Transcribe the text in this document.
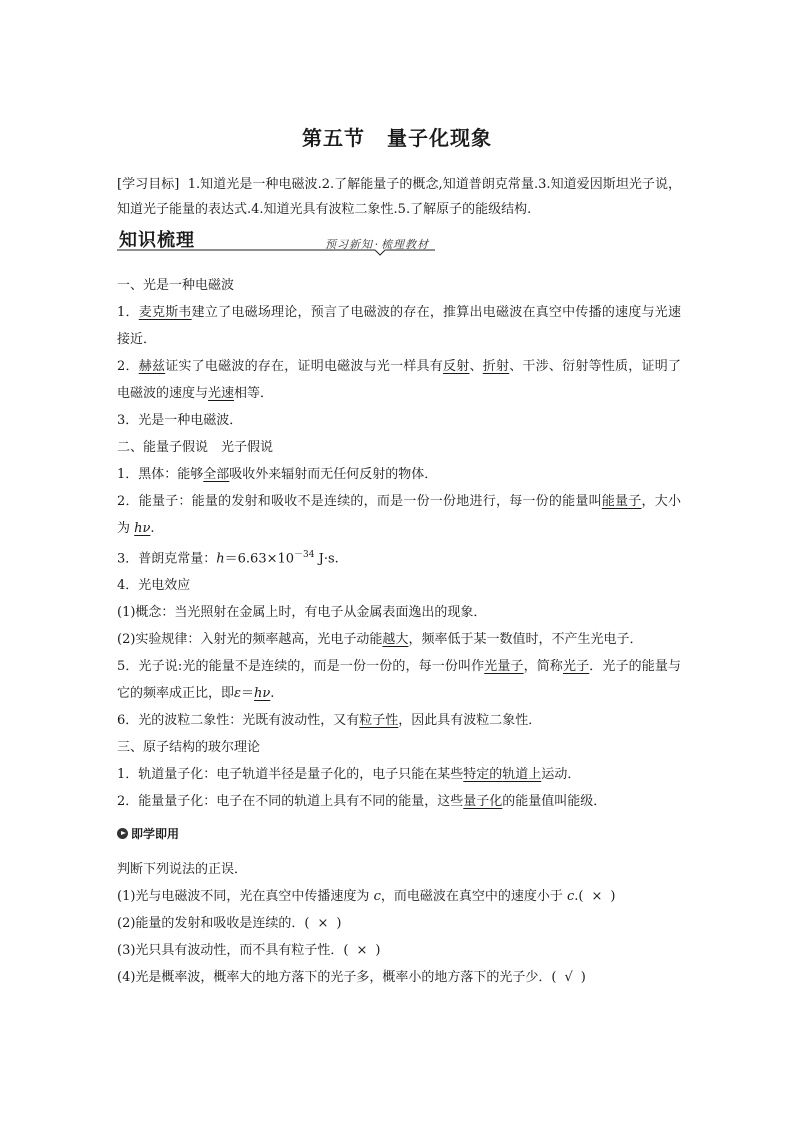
第五节 量子化现象
[学习目标] 1.知道光是一种电磁波.2.了解能量子的概念,知道普朗克常量.3.知道爱因斯坦光子说，知道光子能量的表达式.4.知道光具有波粒二象性.5.了解原子的能级结构.
知识梳理	预习新知 · 梳理教材
一、光是一种电磁波
1．麦克斯韦建立了电磁场理论，预言了电磁波的存在，推算出电磁波在真空中传播的速度与光速接近．
2．赫兹证实了电磁波的存在，证明电磁波与光一样具有反射、折射、干涉、衍射等性质，证明了电磁波的速度与光速相等．
3．光是一种电磁波．
二、能量子假说　光子假说
1．黑体：能够全部吸收外来辐射而无任何反射的物体．
2．能量子：能量的发射和吸收不是连续的，而是一份一份地进行，每一份的能量叫能量子，大小为 hν.
3．普朗克常量：$h=6.63\times 10^{-34}$ J·s.
4．光电效应
(1)概念：当光照射在金属上时，有电子从金属表面逸出的现象．
(2)实验规律：入射光的频率越高，光电子动能越大，频率低于某一数值时，不产生光电子．
5．光子说:光的能量不是连续的，而是一份一份的，每一份叫作光量子，简称光子．光子的能量与它的频率成正比，即ε＝hν.
6．光的波粒二象性：光既有波动性，又有粒子性，因此具有波粒二象性．
三、原子结构的玻尔理论
1．轨道量子化：电子轨道半径是量子化的，电子只能在某些特定的轨道上运动．
2．能量量子化：电子在不同的轨道上具有不同的能量，这些量子化的能量值叫能级．
即学即用
判断下列说法的正误．
(1)光与电磁波不同，光在真空中传播速度为 c，而电磁波在真空中的速度小于 c.( × )
(2)能量的发射和吸收是连续的．( × )
(3)光只具有波动性，而不具有粒子性．( × )
(4)光是概率波，概率大的地方落下的光子多，概率小的地方落下的光子少．( √ )
